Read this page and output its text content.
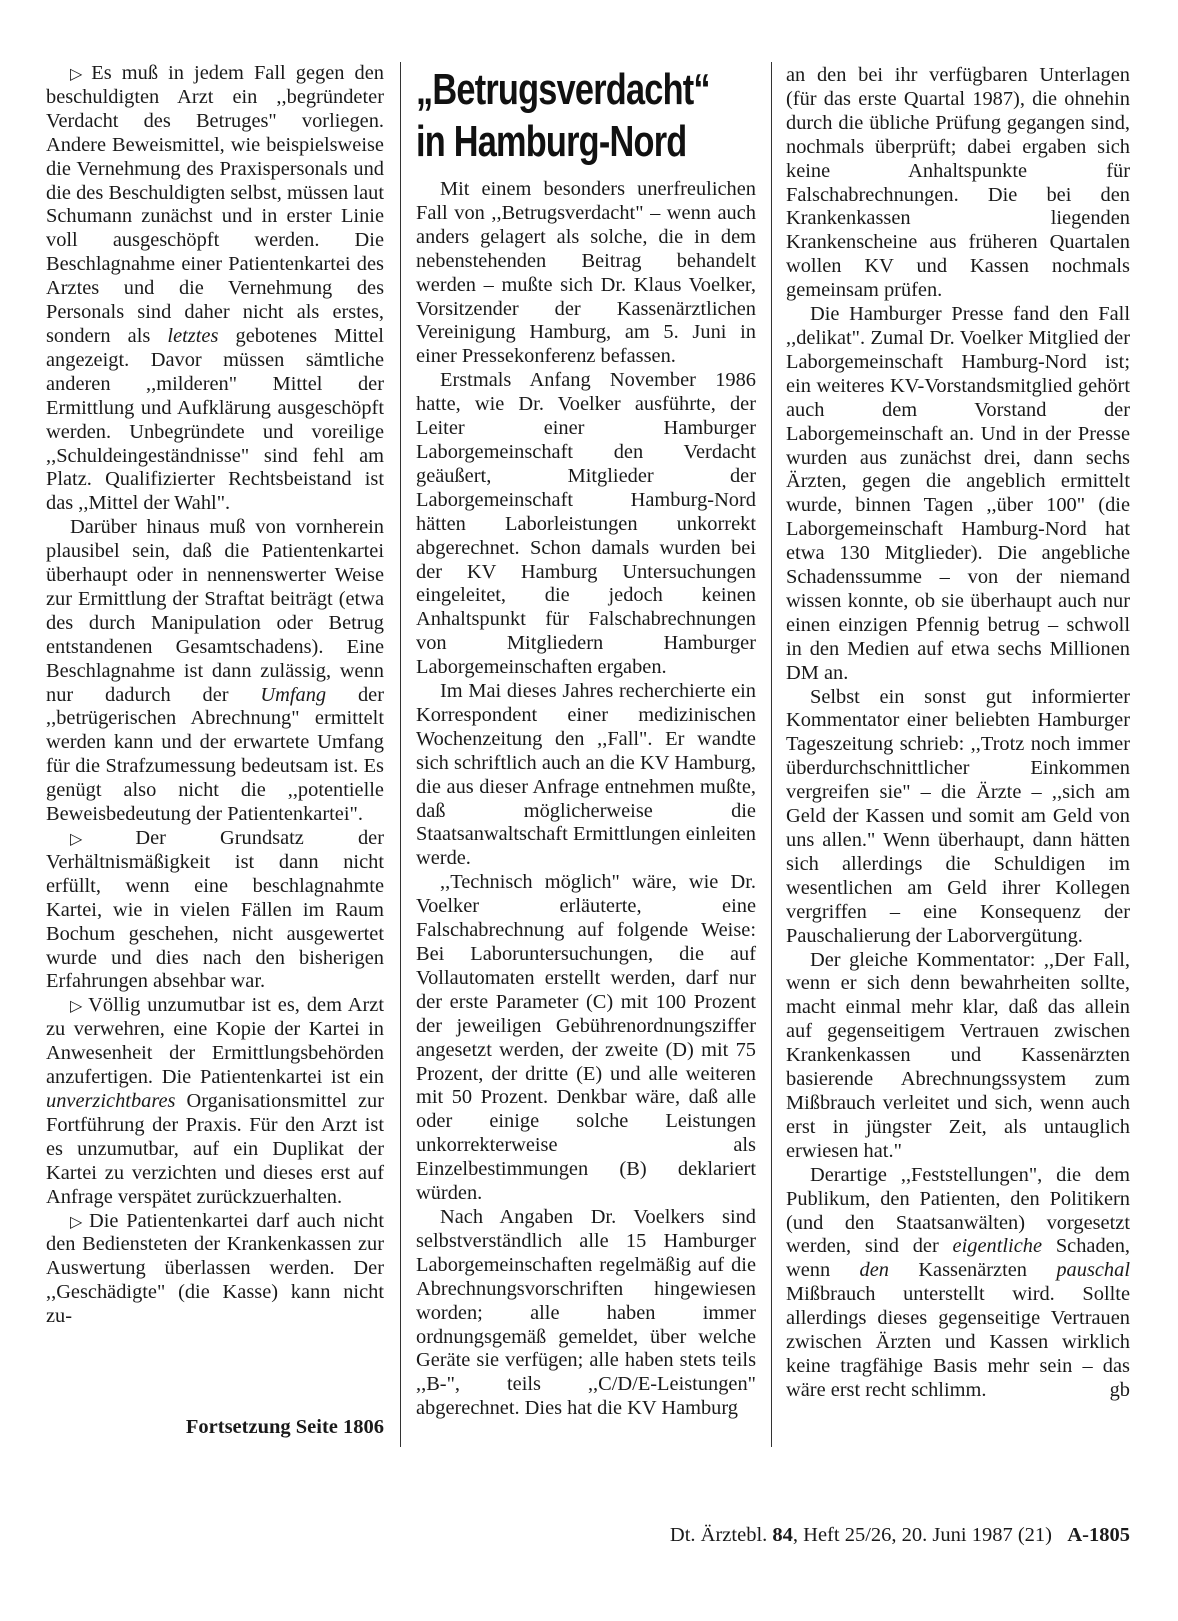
▷ Es muß in jedem Fall gegen den beschuldigten Arzt ein ,,begründeter Verdacht des Betruges" vorliegen. Andere Beweismittel, wie beispielsweise die Vernehmung des Praxispersonals und die des Beschuldigten selbst, müssen laut Schumann zunächst und in erster Linie voll ausgeschöpft werden. Die Beschlagnahme einer Patientenkartei des Arztes und die Vernehmung des Personals sind daher nicht als erstes, sondern als letztes gebotenes Mittel angezeigt. Davor müssen sämtliche anderen ,,milderen" Mittel der Ermittlung und Aufklärung ausgeschöpft werden. Unbegründete und voreilige ,,Schuldeingeständnisse" sind fehl am Platz. Qualifizierter Rechtsbeistand ist das ,,Mittel der Wahl".

Darüber hinaus muß von vornherein plausibel sein, daß die Patientenkartei überhaupt oder in nennenswerter Weise zur Ermittlung der Straftat beiträgt (etwa des durch Manipulation oder Betrug entstandenen Gesamtschadens). Eine Beschlagnahme ist dann zulässig, wenn nur dadurch der Umfang der ,,betrügerischen Abrechnung" ermittelt werden kann und der erwartete Umfang für die Strafzumessung bedeutsam ist. Es genügt also nicht die ,,potentielle Beweisbedeutung der Patientenkartei".

▷ Der Grundsatz der Verhältnismäßigkeit ist dann nicht erfüllt, wenn eine beschlagnahmte Kartei, wie in vielen Fällen im Raum Bochum geschehen, nicht ausgewertet wurde und dies nach den bisherigen Erfahrungen absehbar war.

▷ Völlig unzumutbar ist es, dem Arzt zu verwehren, eine Kopie der Kartei in Anwesenheit der Ermittlungsbehörden anzufertigen. Die Patientenkartei ist ein unverzichtbares Organisationsmittel zur Fortführung der Praxis. Für den Arzt ist es unzumutbar, auf ein Duplikat der Kartei zu verzichten und dieses erst auf Anfrage verspätet zurückzuerhalten.

▷ Die Patientenkartei darf auch nicht den Bediensteten der Krankenkassen zur Auswertung überlassen werden. Der ,,Geschädigte" (die Kasse) kann nicht zu-

Fortsetzung Seite 1806
„Betrugsverdacht“
in Hamburg-Nord

Mit einem besonders unerfreulichen Fall von ,,Betrugsverdacht" – wenn auch anders gelagert als solche, die in dem nebenstehenden Beitrag behandelt werden – mußte sich Dr. Klaus Voelker, Vorsitzender der Kassenärztlichen Vereinigung Hamburg, am 5. Juni in einer Pressekonferenz befassen.

Erstmals Anfang November 1986 hatte, wie Dr. Voelker ausführte, der Leiter einer Hamburger Laborgemeinschaft den Verdacht geäußert, Mitglieder der Laborgemeinschaft Hamburg-Nord hätten Laborleistungen unkorrekt abgerechnet. Schon damals wurden bei der KV Hamburg Untersuchungen eingeleitet, die jedoch keinen Anhaltspunkt für Falschabrechnungen von Mitgliedern Hamburger Laborgemeinschaften ergaben.

Im Mai dieses Jahres recherchierte ein Korrespondent einer medizinischen Wochenzeitung den ,,Fall". Er wandte sich schriftlich auch an die KV Hamburg, die aus dieser Anfrage entnehmen mußte, daß möglicherweise die Staatsanwaltschaft Ermittlungen einleiten werde.

,,Technisch möglich" wäre, wie Dr. Voelker erläuterte, eine Falschabrechnung auf folgende Weise: Bei Laboruntersuchungen, die auf Vollautomaten erstellt werden, darf nur der erste Parameter (C) mit 100 Prozent der jeweiligen Gebührenordnungsziffer angesetzt werden, der zweite (D) mit 75 Prozent, der dritte (E) und alle weiteren mit 50 Prozent. Denkbar wäre, daß alle oder einige solche Leistungen unkorrekterweise als Einzelbestimmungen (B) deklariert würden.

Nach Angaben Dr. Voelkers sind selbstverständlich alle 15 Hamburger Laborgemeinschaften regelmäßig auf die Abrechnungsvorschriften hingewiesen worden; alle haben immer ordnungsgemäß gemeldet, über welche Geräte sie verfügen; alle haben stets teils ,,B-", teils ,,C/D/E-Leistungen" abgerechnet. Dies hat die KV Hamburg

an den bei ihr verfügbaren Unterlagen (für das erste Quartal 1987), die ohnehin durch die übliche Prüfung gegangen sind, nochmals überprüft; dabei ergaben sich keine Anhaltspunkte für Falschabrechnungen. Die bei den Krankenkassen liegenden Krankenscheine aus früheren Quartalen wollen KV und Kassen nochmals gemeinsam prüfen.

Die Hamburger Presse fand den Fall ,,delikat". Zumal Dr. Voelker Mitglied der Laborgemeinschaft Hamburg-Nord ist; ein weiteres KV-Vorstandsmitglied gehört auch dem Vorstand der Laborgemeinschaft an. Und in der Presse wurden aus zunächst drei, dann sechs Ärzten, gegen die angeblich ermittelt wurde, binnen Tagen ,,über 100" (die Laborgemeinschaft Hamburg-Nord hat etwa 130 Mitglieder). Die angebliche Schadenssumme – von der niemand wissen konnte, ob sie überhaupt auch nur einen einzigen Pfennig betrug – schwoll in den Medien auf etwa sechs Millionen DM an.

Selbst ein sonst gut informierter Kommentator einer beliebten Hamburger Tageszeitung schrieb: ,,Trotz noch immer überdurchschnittlicher Einkommen vergreifen sie" – die Ärzte – ,,sich am Geld der Kassen und somit am Geld von uns allen." Wenn überhaupt, dann hätten sich allerdings die Schuldigen im wesentlichen am Geld ihrer Kollegen vergriffen – eine Konsequenz der Pauschalierung der Laborvergütung.

Der gleiche Kommentator: ,,Der Fall, wenn er sich denn bewahrheiten sollte, macht einmal mehr klar, daß das allein auf gegenseitigem Vertrauen zwischen Krankenkassen und Kassenärzten basierende Abrechnungssystem zum Mißbrauch verleitet und sich, wenn auch erst in jüngster Zeit, als untauglich erwiesen hat."

Derartige ,,Feststellungen", die dem Publikum, den Patienten, den Politikern (und den Staatsanwälten) vorgesetzt werden, sind der eigentliche Schaden, wenn den Kassenärzten pauschal Mißbrauch unterstellt wird. Sollte allerdings dieses gegenseitige Vertrauen zwischen Ärzten und Kassen wirklich keine tragfähige Basis mehr sein – das wäre erst recht schlimm.	gb

Dt. Ärztebl. 84, Heft 25/26, 20. Juni 1987 (21) A-1805
